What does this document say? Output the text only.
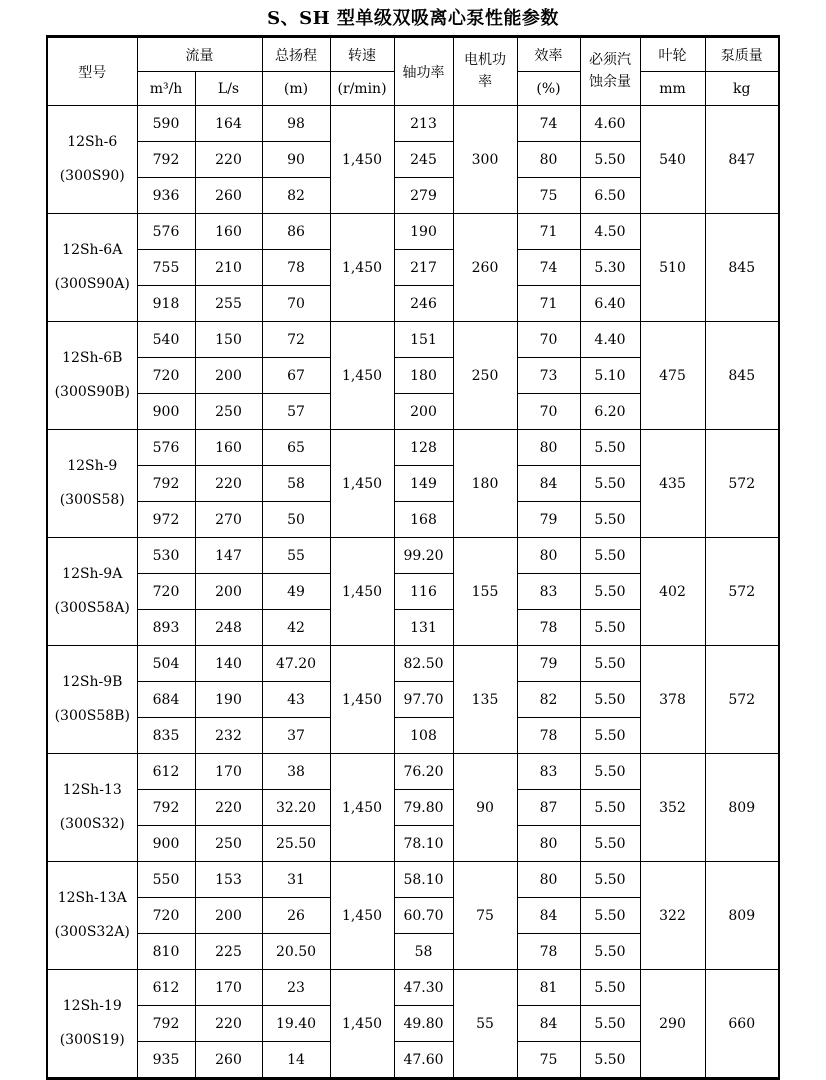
S、SH 型单级双吸离心泵性能参数
型号	流量		总扬程	转速	轴功率	电机功率	效率	必须汽蚀余量	叶轮	泵质量
	m³/h	L/s	(m)	(r/min)			(%)		mm	kg

12Sh-6
(300S90)	590	164	98	1,450	213	300	74	4.60	540	847
	792	220	90		245		80	5.50		
	936	260	82		279		75	6.50		

12Sh-6A
(300S90A)	576	160	86	1,450	190	260	71	4.50	510	845
	755	210	78		217		74	5.30		
	918	255	70		246		71	6.40		

12Sh-6B
(300S90B)	540	150	72	1,450	151	250	70	4.40	475	845
	720	200	67		180		73	5.10		
	900	250	57		200		70	6.20		

12Sh-9
(300S58)	576	160	65	1,450	128	180	80	5.50	435	572
	792	220	58		149		84	5.50		
	972	270	50		168		79	5.50		

12Sh-9A
(300S58A)	530	147	55	1,450	99.20	155	80	5.50	402	572
	720	200	49		116		83	5.50		
	893	248	42		131		78	5.50		

12Sh-9B
(300S58B)	504	140	47.20	1,450	82.50	135	79	5.50	378	572
	684	190	43		97.70		82	5.50		
	835	232	37		108		78	5.50		

12Sh-13
(300S32)	612	170	38	1,450	76.20	90	83	5.50	352	809
	792	220	32.20		79.80		87	5.50		
	900	250	25.50		78.10		80	5.50		

12Sh-13A
(300S32A)	550	153	31	1,450	58.10	75	80	5.50	322	809
	720	200	26		60.70		84	5.50		
	810	225	20.50		58		78	5.50		

12Sh-19
(300S19)	612	170	23	1,450	47.30	55	81	5.50	290	660
	792	220	19.40		49.80		84	5.50		
	935	260	14		47.60		75	5.50		
